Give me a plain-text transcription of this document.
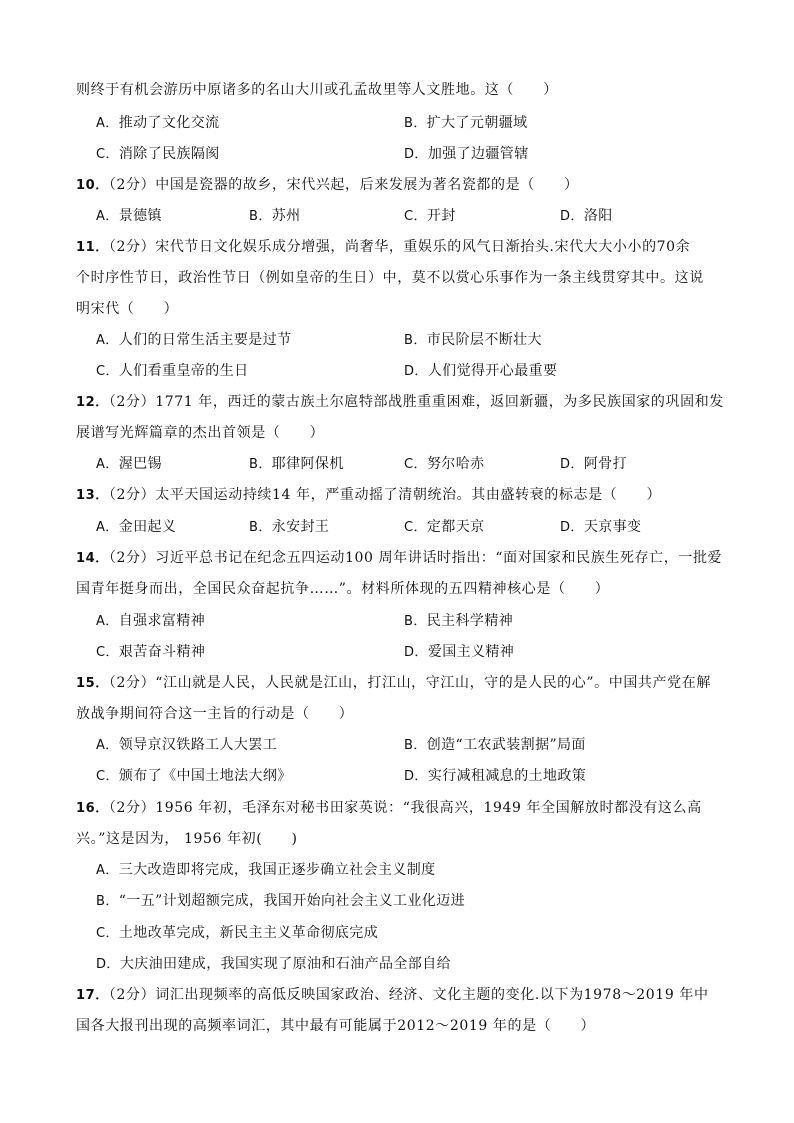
则终于有机会游历中原诸多的名山大川或孔孟故里等人文胜地。这（　　）
A．推动了文化交流	B．扩大了元朝疆域
C．消除了民族隔阂	D．加强了边疆管辖
10．（2分）中国是瓷器的故乡，宋代兴起，后来发展为著名瓷都的是（　　）
A．景德镇	B．苏州	C．开封	D．洛阳
11．（2分）宋代节日文化娱乐成分增强，尚奢华，重娱乐的风气日渐抬头.宋代大大小小的70余
个时序性节日，政治性节日（例如皇帝的生日）中，莫不以赏心乐事作为一条主线贯穿其中。这说
明宋代（　　）
A．人们的日常生活主要是过节	B．市民阶层不断壮大
C．人们看重皇帝的生日	D．人们觉得开心最重要
12．（2分）1771 年，西迁的蒙古族土尔扈特部战胜重重困难，返回新疆，为多民族国家的巩固和发
展谱写光辉篇章的杰出首领是（　　）
A．渥巴锡	B．耶律阿保机	C．努尔哈赤	D．阿骨打
13．（2分）太平天国运动持续14 年，严重动摇了清朝统治。其由盛转衰的标志是（　　）
A．金田起义	B．永安封王	C．定都天京	D．天京事变
14．（2分）习近平总书记在纪念五四运动100 周年讲话时指出：“面对国家和民族生死存亡，一批爱
国青年挺身而出，全国民众奋起抗争……”。材料所体现的五四精神核心是（　　）
A．自强求富精神	B．民主科学精神
C．艰苦奋斗精神	D．爱国主义精神
15．（2分）“江山就是人民，人民就是江山，打江山，守江山，守的是人民的心”。中国共产党在解
放战争期间符合这一主旨的行动是（　　）
A．领导京汉铁路工人大罢工	B．创造“工农武装割据”局面
C．颁布了《中国土地法大纲》	D．实行减租减息的土地政策
16．（2分）1956 年初，毛泽东对秘书田家英说：“我很高兴，1949 年全国解放时都没有这么高
兴。”这是因为， 1956 年初(　　)
A．三大改造即将完成，我国正逐步确立社会主义制度
B．“一五”计划超额完成，我国开始向社会主义工业化迈进
C．土地改革完成，新民主主义革命彻底完成
D．大庆油田建成，我国实现了原油和石油产品全部自给
17．（2分）词汇出现频率的高低反映国家政治、经济、文化主题的变化.以下为1978～2019 年中
国各大报刊出现的高频率词汇，其中最有可能属于2012～2019 年的是（　　）
